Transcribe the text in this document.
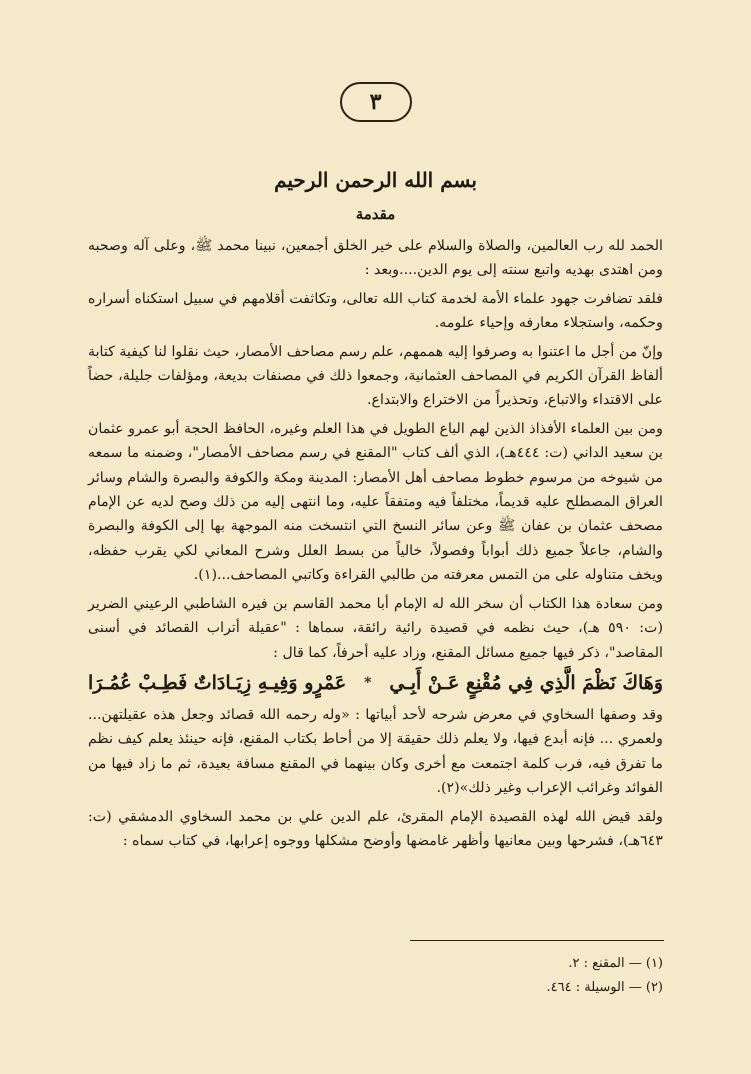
٣
بسم الله الرحمن الرحيم
مقدمة

الحمد لله رب العالمين، والصلاة والسلام على خير الخلق أجمعين، نبينا محمد ﷺ، وعلى آله وصحبه ومن اهتدى بهديه واتبع سنته إلى يوم الدين....وبعد :

فلقد تضافرت جهود علماء الأمة لخدمة كتاب الله تعالى، وتكاثفت أقلامهم في سبيل استكناه أسراره وحكمه، واستجلاء معارفه وإحياء علومه.

وإنّ من أجل ما اعتنوا به وصرفوا إليه هممهم، علم رسم مصاحف الأمصار، حيث نقلوا لنا كيفية كتابة ألفاظ القرآن الكريم في المصاحف العثمانية، وجمعوا ذلك في مصنفات بديعة، ومؤلفات جليلة، حضاً على الاقتداء والاتباع، وتحذيراً من الاختراع والابتداع.

ومن بين العلماء الأفذاذ الذين لهم الباع الطويل في هذا العلم وغيره، الحافظ الحجة أبو عمرو عثمان بن سعيد الداني (ت: ٤٤٤هـ)، الذي ألف كتاب "المقنع في رسم مصاحف الأمصار"، وضمنه ما سمعه من شيوخه من مرسوم خطوط مصاحف أهل الأمصار: المدينة ومكة والكوفة والبصرة والشام وسائر العراق المصطلح عليه قديماً، مختلفاً فيه ومتفقاً عليه، وما انتهى إليه من ذلك وصح لديه عن الإمام مصحف عثمان بن عفان ﷺ وعن سائر النسخ التي انتسخت منه الموجهة بها إلى الكوفة والبصرة والشام، جاعلاً جميع ذلك أبواباً وفصولاً، خالياً من بسط العلل وشرح المعاني لكي يقرب حفظه، ويخف متناوله على من التمس معرفته من طالبي القراءة وكاتبي المصاحف...(١).

ومن سعادة هذا الكتاب أن سخر الله له الإمام أبا محمد القاسم بن فيره الشاطبي الرعيني الضرير (ت: ٥٩٠ هـ)، حيث نظمه في قصيدة رائية رائقة، سماها : "عقيلة أتراب القصائد في أسنى المقاصد"، ذكر فيها جميع مسائل المقنع، وزاد عليه أحرفاً، كما قال :

وَهَاكَ نَظْمَ الَّذِي فِي مُقْنِعٍ عَـنْ أَبِـي
*
عَمْرٍو وَفِيـهِ زِيَـادَاتٌ فَطِـبْ عُمُـرَا

وقد وصفها السخاوي في معرض شرحه لأحد أبياتها : «وله رحمه الله قصائد وجعل هذه عقيلتهن... ولعمري ... فإنه أبدع فيها، ولا يعلم ذلك حقيقة إلا من أحاط بكتاب المقنع، فإنه حينئذ يعلم كيف نظم ما تفرق فيه، فرب كلمة اجتمعت مع أخرى وكان بينهما في المقنع مسافة بعيدة، ثم ما زاد فيها من الفوائد وغرائب الإعراب وغير ذلك»(٢).

ولقد قيض الله لهذه القصيدة الإمام المقرئ، علم الدين علي بن محمد السخاوي الدمشقي (ت: ٦٤٣هـ)، فشرحها وبين معانيها وأظهر غامضها وأوضح مشكلها ووجوه إعرابها، في كتاب سماه :

(١) — المقنع : ٢.
(٢) — الوسيلة : ٤٦٤.
